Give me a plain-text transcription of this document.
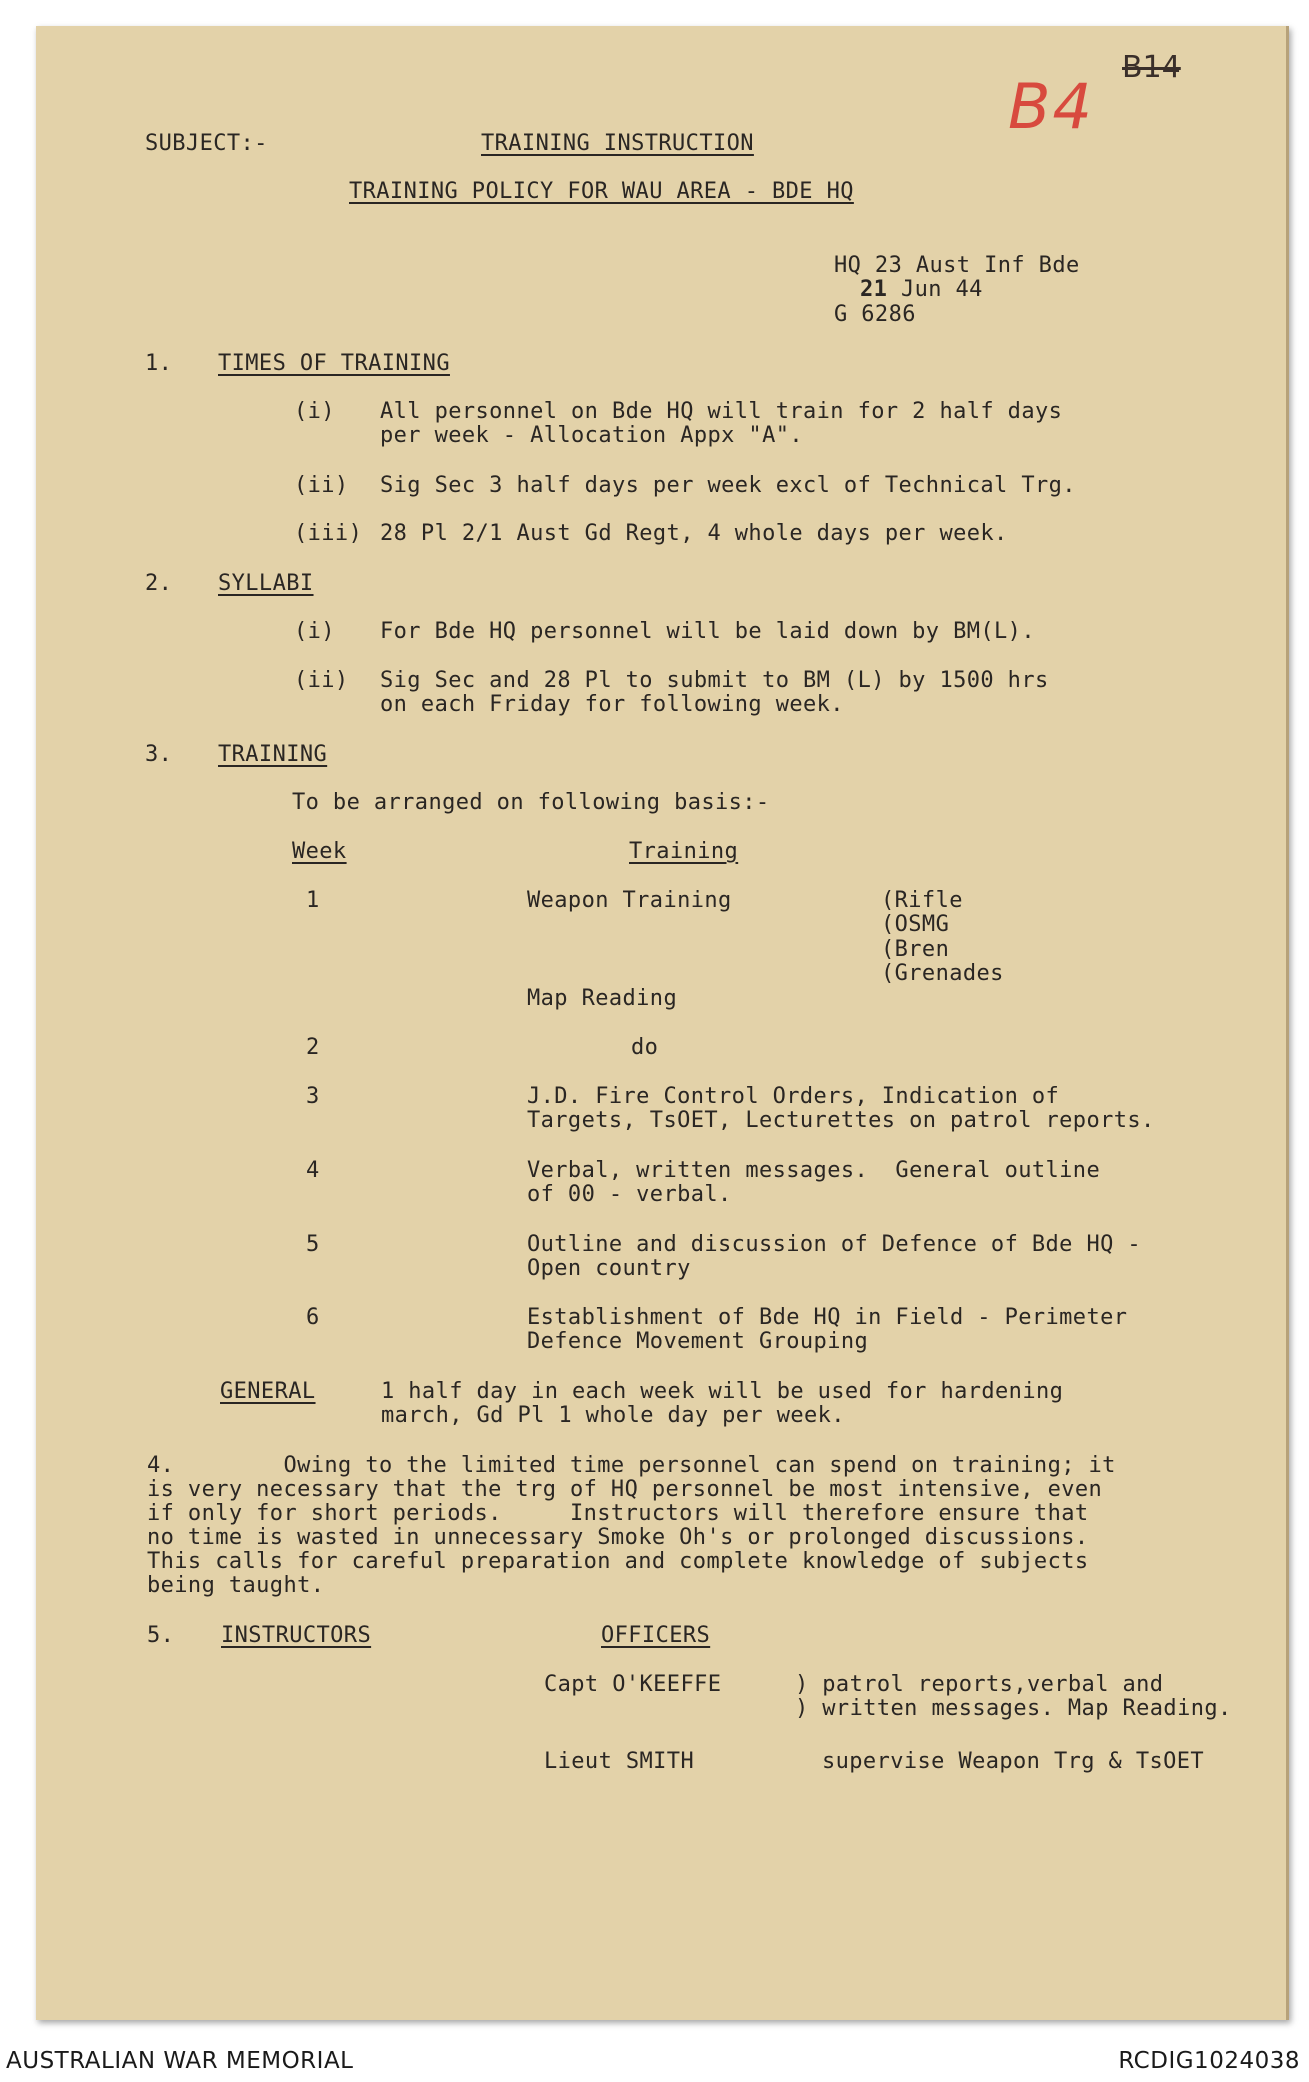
B4
B14
SUBJECT:-	TRAINING INSTRUCTION
TRAINING POLICY FOR WAU AREA - BDE HQ
HQ 23 Aust Inf Bde
21 Jun 44
G 6286
1. TIMES OF TRAINING
(i) All personnel on Bde HQ will train for 2 half days
per week - Allocation Appx "A".
(ii) Sig Sec 3 half days per week excl of Technical Trg.
(iii) 28 Pl 2/1 Aust Gd Regt, 4 whole days per week.
2. SYLLABI
(i) For Bde HQ personnel will be laid down by BM(L).
(ii) Sig Sec and 28 Pl to submit to BM (L) by 1500 hrs
on each Friday for following week.
3. TRAINING
To be arranged on following basis:-
Week	Training
1	Weapon Training	(Rifle
(OSMG
(Bren
(Grenades
Map Reading
2	do
3	J.D. Fire Control Orders, Indication of
Targets, TsOET, Lecturettes on patrol reports.
4	Verbal, written messages.  General outline
of 00 - verbal.
5	Outline and discussion of Defence of Bde HQ -
Open country
6	Establishment of Bde HQ in Field - Perimeter
Defence Movement Grouping
GENERAL	1 half day in each week will be used for hardening
march, Gd Pl 1 whole day per week.
4.        Owing to the limited time personnel can spend on training; it
is very necessary that the trg of HQ personnel be most intensive, even
if only for short periods.     Instructors will therefore ensure that
no time is wasted in unnecessary Smoke Oh's or prolonged discussions.
This calls for careful preparation and complete knowledge of subjects
being taught.
5. INSTRUCTORS	OFFICERS
Capt O'KEEFFE	) patrol reports,verbal and
) written messages. Map Reading.
Lieut SMITH	supervise Weapon Trg & TsOET
AUSTRALIAN WAR MEMORIAL	RCDIG1024038
